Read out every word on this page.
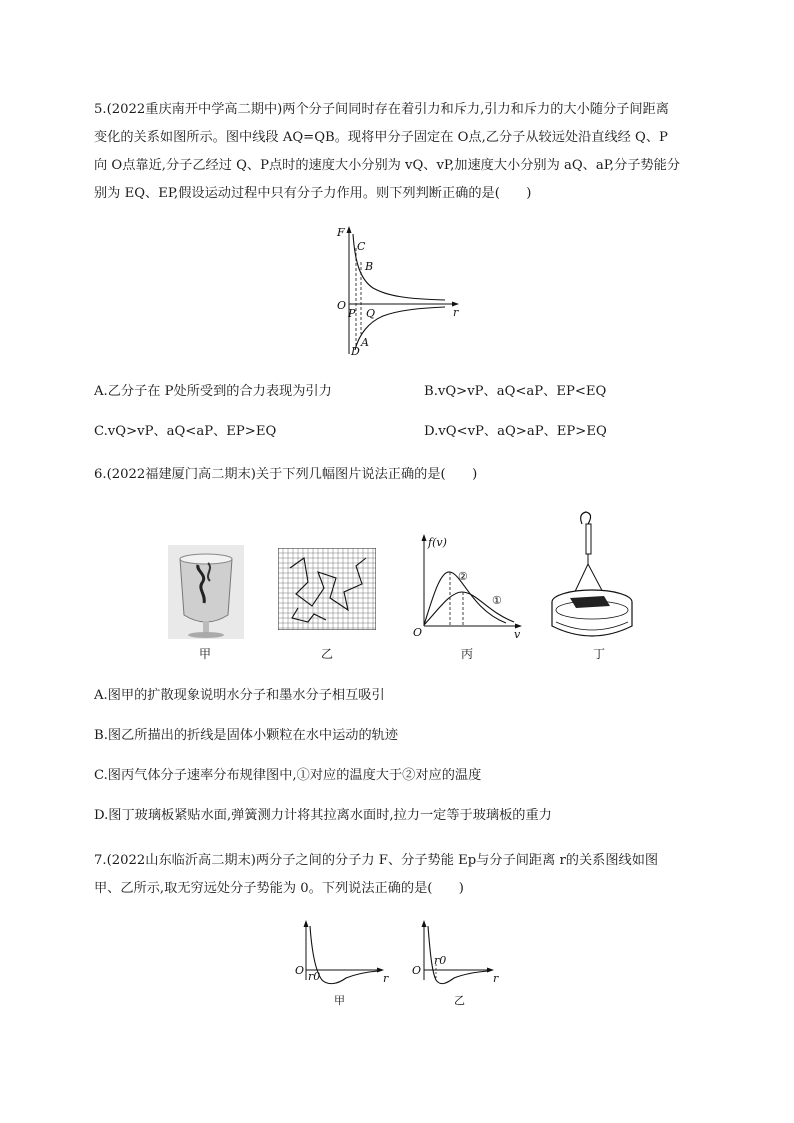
5.(2022重庆南开中学高二期中)两个分子间同时存在着引力和斥力,引力和斥力的大小随分子间距离
变化的关系如图所示。图中线段 AQ=QB。现将甲分子固定在 O点,乙分子从较远处沿直线经 Q、P
向 O点靠近,分子乙经过 Q、P点时的速度大小分别为 vQ、vP,加速度大小分别为 aQ、aP,分子势能分
别为 EQ、EP,假设运动过程中只有分子力作用。则下列判断正确的是(　　)
F
C
B
O
P Q	r
D
A
A.乙分子在 P处所受到的合力表现为引力	B.vQ>vP、aQ<aP、EP<EQ
C.vQ>vP、aQ<aP、EP>EQ	D.vQ<vP、aQ>aP、EP>EQ
6.(2022福建厦门高二期末)关于下列几幅图片说法正确的是(　　)
f(v)
②
①
O	v
甲	乙	丙	丁
A.图甲的扩散现象说明水分子和墨水分子相互吸引
B.图乙所描出的折线是固体小颗粒在水中运动的轨迹
C.图丙气体分子速率分布规律图中,①对应的温度大于②对应的温度
D.图丁玻璃板紧贴水面,弹簧测力计将其拉离水面时,拉力一定等于玻璃板的重力
7.(2022山东临沂高二期末)两分子之间的分子力 F、分子势能 Ep与分子间距离 r的关系图线如图
甲、乙所示,取无穷远处分子势能为 0。下列说法正确的是(　　)
O r0	r
甲
O
r0
r
乙
